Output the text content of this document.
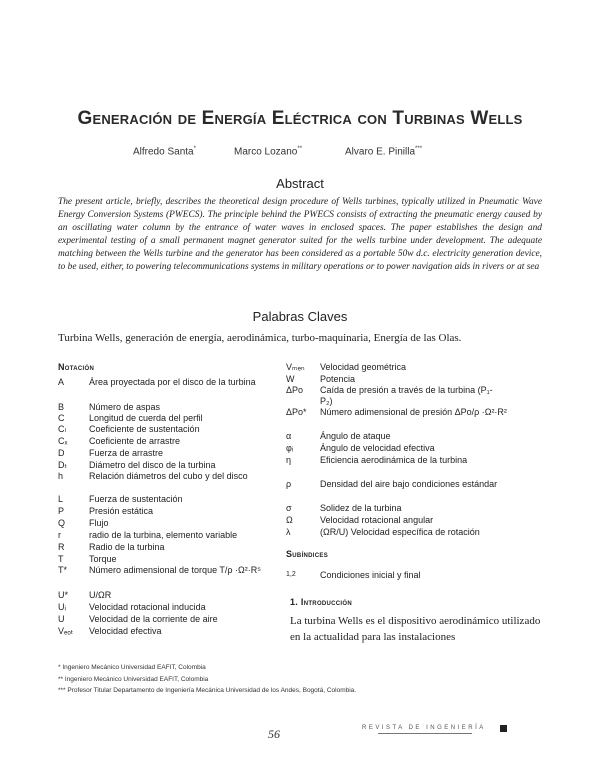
Generación de Energía Eléctrica con Turbinas Wells
Alfredo Santa*	Marco Lozano**	Alvaro E. Pinilla***
Abstract
The present article, briefly, describes the theoretical design procedure of Wells turbines, typically utilized in Pneumatic Wave Energy Conversion Systems (PWECS). The principle behind the PWECS consists of extracting the pneumatic energy caused by an oscillating water column by the entrance of water waves in enclosed spaces. The paper establishes the design and experimental testing of a small permanent magnet generator suited for the wells turbine under development. The adequate matching between the Wells turbine and the generator has been considered as a portable 50w d.c. electricity generation device, to be used, either, to powering telecommunications systems in military operations or to power navigation aids in rivers or at sea
Palabras Claves
Turbina Wells, generación de energía, aerodinámica, turbo-maquinaria, Energía de las Olas.
Notación
A	Área proyectada por el disco de la turbina
B	Número de aspas
C	Longitud de cuerda del perfil
Cₗ	Coeficiente de sustentación
Cₓ Coeficiente de arrastre
D	Fuerza de arrastre
Dₜ Diámetro del disco de la turbina
h	Relación diámetros del cubo y del disco
L	Fuerza de sustentación
P	Presión estática
Q	Flujo
r	radio de la turbina, elemento variable
R	Radio de la turbina
T	Torque
T* Número adimensional de torque T/ρ ·Ω²·R⁵
U* U/ΩR
Uᵢ	Velocidad rotacional inducida
U	Velocidad de la corriente de aire
Vₑₒₜ Velocidad efectiva
Vₘₑₙ Velocidad geométrica
W	Potencia
ΔPo Caída de presión a través de la turbina (P₁-P₂)
ΔPo* Número adimensional de presión ΔPo/ρ ·Ω²·R²
α	Ángulo de ataque
φᵢ	Ángulo de velocidad efectiva
η	Eficiencia aerodinámica de la turbina
ρ	Densidad del aire bajo condiciones estándar
σ	Solidez de la turbina
Ω	Velocidad rotacional angular
λ	(ΩR/U) Velocidad específica de rotación
Subíndices
1,2	Condiciones inicial y final
1. Introducción
La turbina Wells es el dispositivo aerodinámico utilizado en la actualidad para las instalaciones
* Ingeniero Mecánico Universidad EAFIT, Colombia
** Ingeniero Mecánico Universidad EAFIT, Colombia
*** Profesor Titular Departamento de Ingeniería Mecánica Universidad de los Andes, Bogotá, Colombia.
56	REVISTA DE INGENIERÍA
